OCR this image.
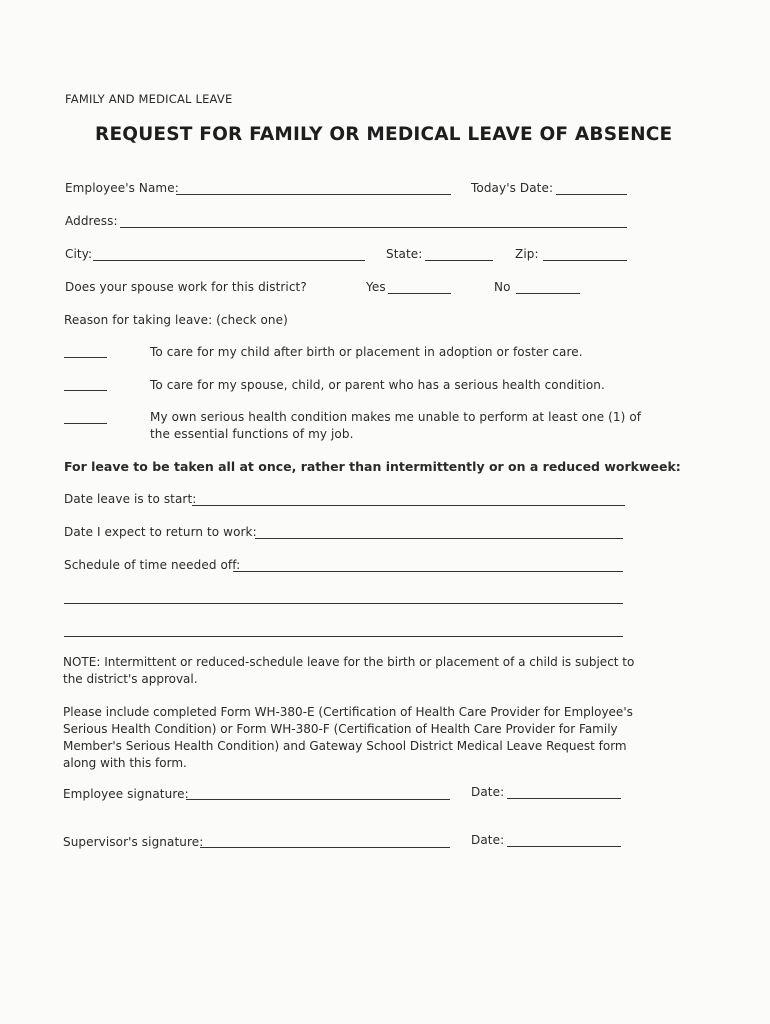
FAMILY AND MEDICAL LEAVE
REQUEST FOR FAMILY OR MEDICAL LEAVE OF ABSENCE
Employee's Name:	Today's Date:
Address:
City:	State:	Zip:
Does your spouse work for this district?	Yes	No
Reason for taking leave: (check one)
To care for my child after birth or placement in adoption or foster care.
To care for my spouse, child, or parent who has a serious health condition.
My own serious health condition makes me unable to perform at least one (1) of
the essential functions of my job.
For leave to be taken all at once, rather than intermittently or on a reduced workweek:
Date leave is to start:
Date I expect to return to work:
Schedule of time needed off:
NOTE: Intermittent or reduced-schedule leave for the birth or placement of a child is subject to the district's approval.
Please include completed Form WH-380-E (Certification of Health Care Provider for Employee's Serious Health Condition) or Form WH-380-F (Certification of Health Care Provider for Family Member's Serious Health Condition) and Gateway School District Medical Leave Request form along with this form.
Employee signature:	Date:
Supervisor's signature:	Date:
